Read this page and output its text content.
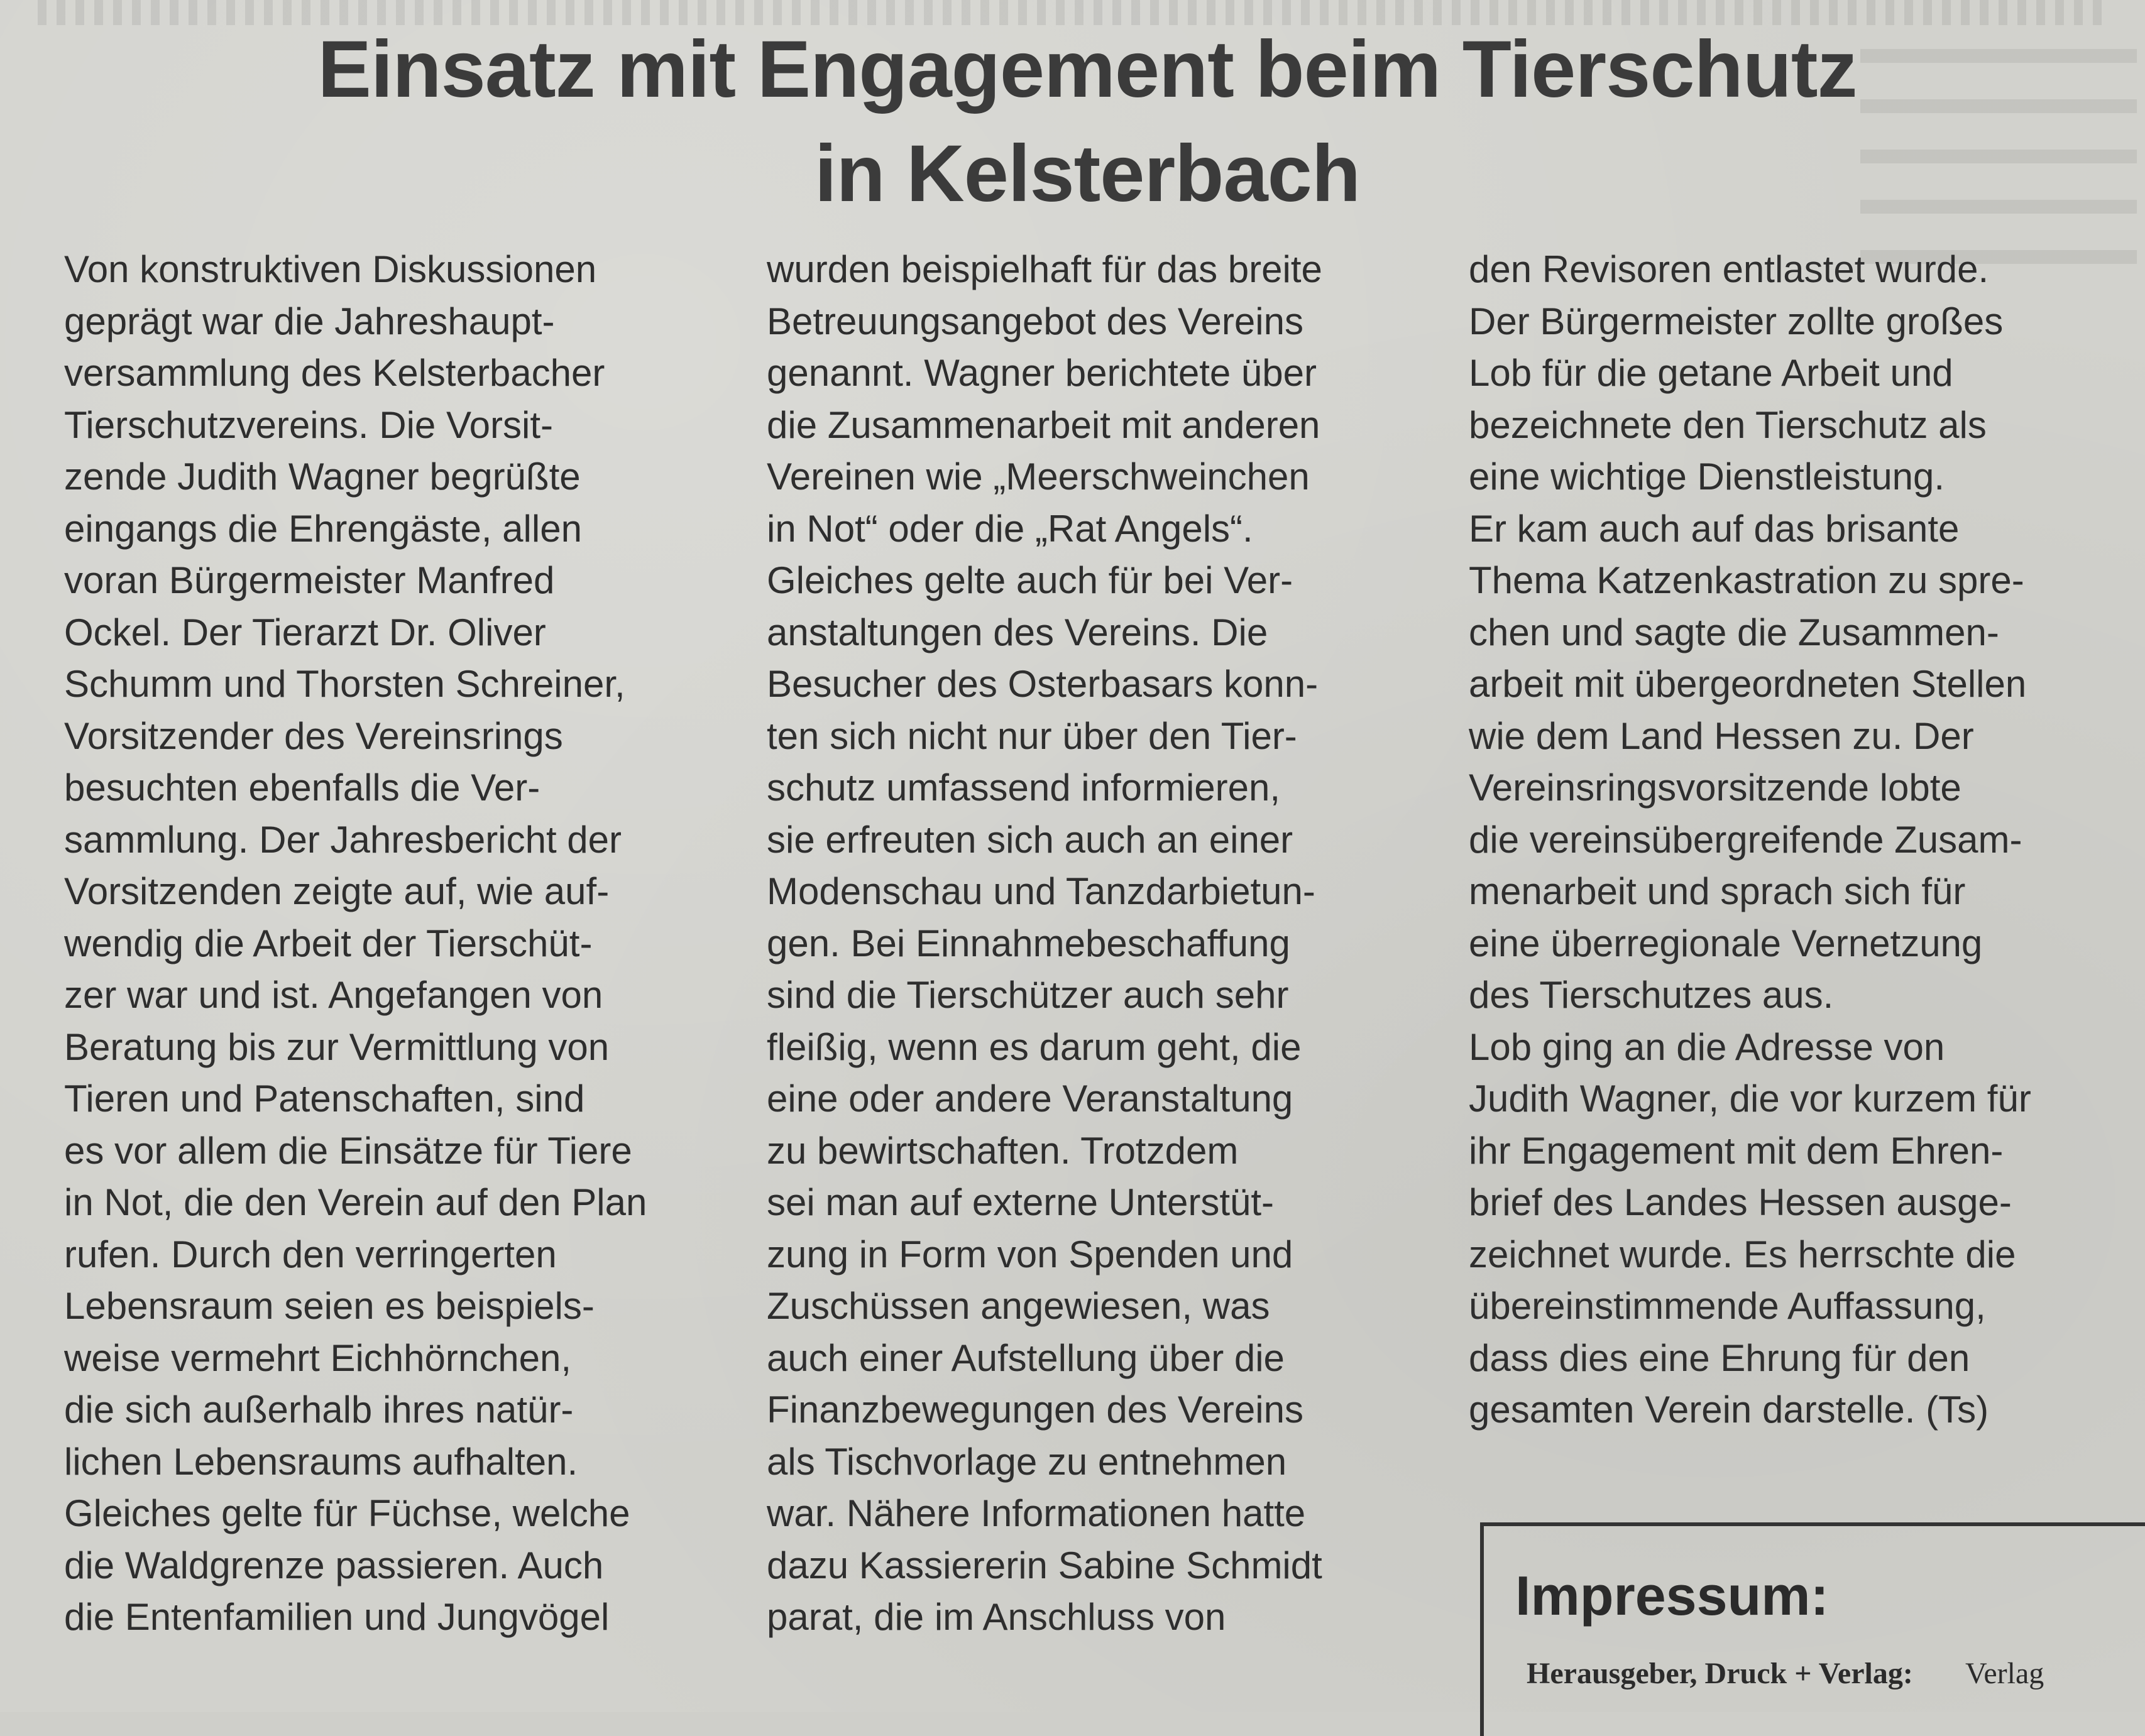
Einsatz mit Engagement beim Tierschutz
in Kelsterbach
Von konstruktiven Diskussionen
geprägt war die Jahreshaupt-
versammlung des Kelsterbacher
Tierschutzvereins. Die Vorsit-
zende Judith Wagner begrüßte
eingangs die Ehrengäste, allen
voran Bürgermeister Manfred
Ockel. Der Tierarzt Dr. Oliver
Schumm und Thorsten Schreiner,
Vorsitzender des Vereinsrings
besuchten ebenfalls die Ver-
sammlung. Der Jahresbericht der
Vorsitzenden zeigte auf, wie auf-
wendig die Arbeit der Tierschüt-
zer war und ist. Angefangen von
Beratung bis zur Vermittlung von
Tieren und Patenschaften, sind
es vor allem die Einsätze für Tiere
in Not, die den Verein auf den Plan
rufen. Durch den verringerten
Lebensraum seien es beispiels-
weise vermehrt Eichhörnchen,
die sich außerhalb ihres natür-
lichen Lebensraums aufhalten.
Gleiches gelte für Füchse, welche
die Waldgrenze passieren. Auch
die Entenfamilien und Jungvögel
wurden beispielhaft für das breite
Betreuungsangebot des Vereins
genannt. Wagner berichtete über
die Zusammenarbeit mit anderen
Vereinen wie „Meerschweinchen
in Not“ oder die „Rat Angels“.
Gleiches gelte auch für bei Ver-
anstaltungen des Vereins. Die
Besucher des Osterbasars konn-
ten sich nicht nur über den Tier-
schutz umfassend informieren,
sie erfreuten sich auch an einer
Modenschau und Tanzdarbietun-
gen. Bei Einnahmebeschaffung
sind die Tierschützer auch sehr
fleißig, wenn es darum geht, die
eine oder andere Veranstaltung
zu bewirtschaften. Trotzdem
sei man auf externe Unterstüt-
zung in Form von Spenden und
Zuschüssen angewiesen, was
auch einer Aufstellung über die
Finanzbewegungen des Vereins
als Tischvorlage zu entnehmen
war. Nähere Informationen hatte
dazu Kassiererin Sabine Schmidt
parat, die im Anschluss von
den Revisoren entlastet wurde.
Der Bürgermeister zollte großes
Lob für die getane Arbeit und
bezeichnete den Tierschutz als
eine wichtige Dienstleistung.
Er kam auch auf das brisante
Thema Katzenkastration zu spre-
chen und sagte die Zusammen-
arbeit mit übergeordneten Stellen
wie dem Land Hessen zu. Der
Vereinsringsvorsitzende lobte
die vereinsübergreifende Zusam-
menarbeit und sprach sich für
eine überregionale Vernetzung
des Tierschutzes aus.
Lob ging an die Adresse von
Judith Wagner, die vor kurzem für
ihr Engagement mit dem Ehren-
brief des Landes Hessen ausge-
zeichnet wurde. Es herrschte die
übereinstimmende Auffassung,
dass dies eine Ehrung für den
gesamten Verein darstelle. (Ts)
Impressum:
Herausgeber, Druck + Verlag: Verlag
